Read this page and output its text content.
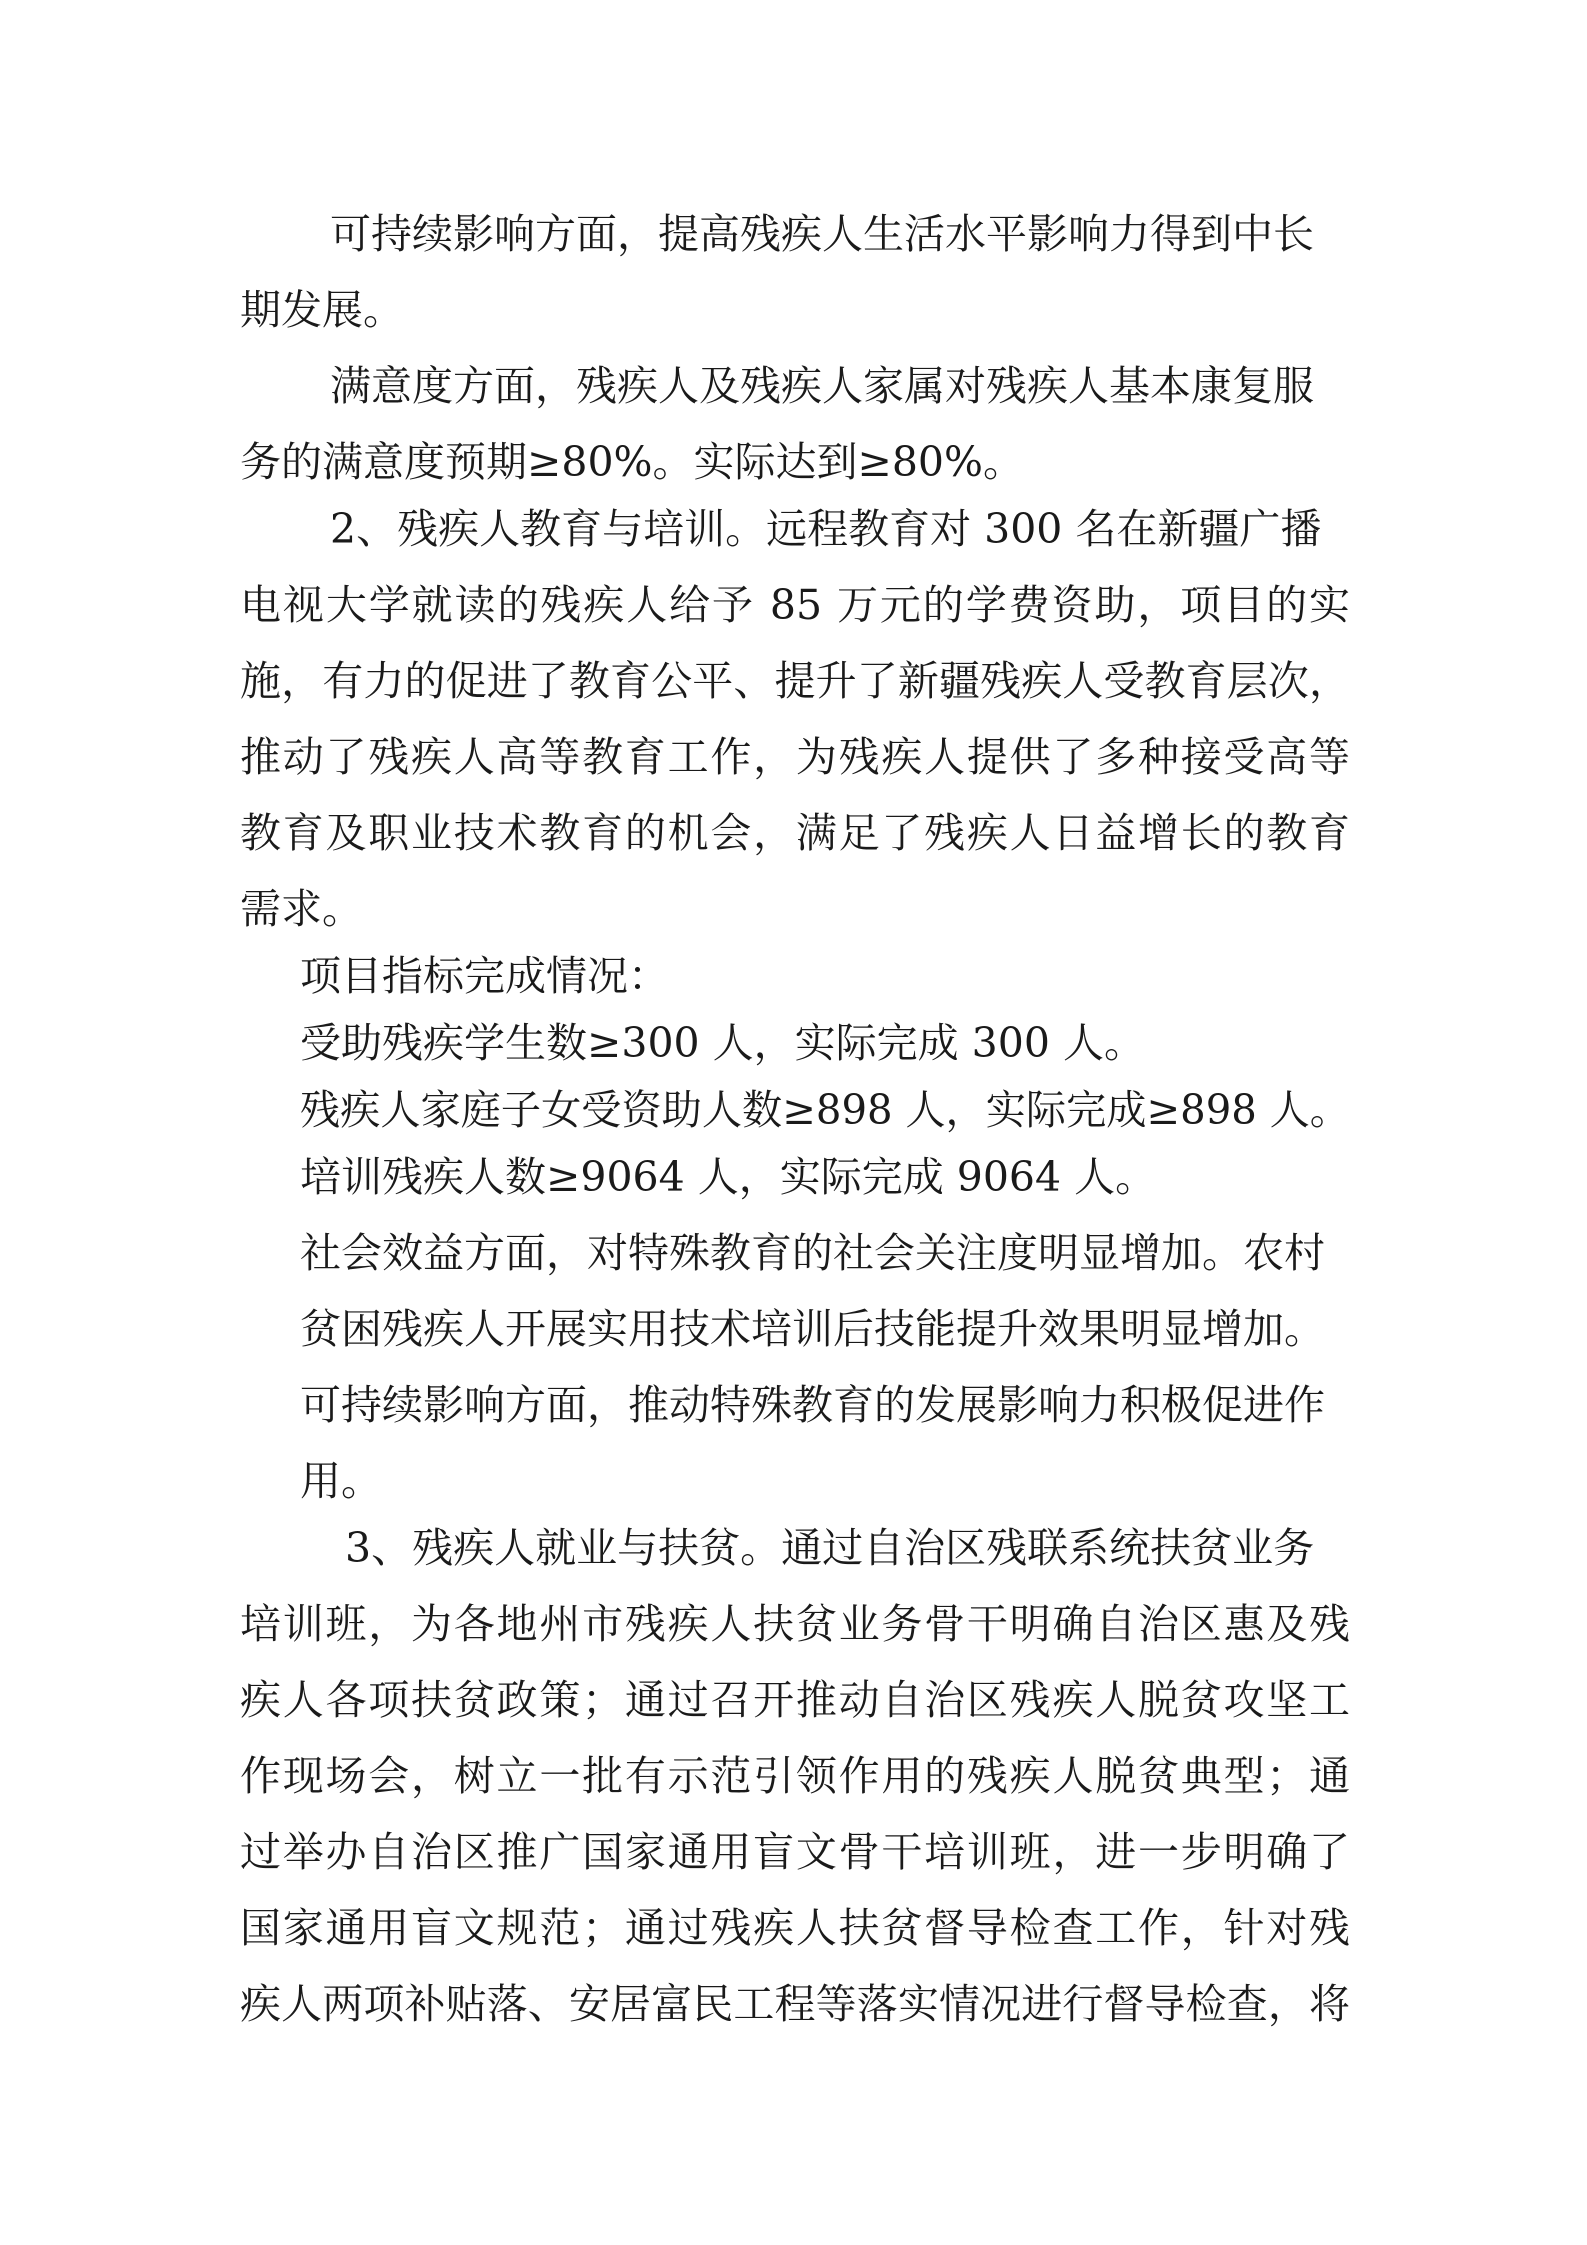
可持续影响方面，提高残疾人生活水平影响力得到中长
期发展。
满意度方面，残疾人及残疾人家属对残疾人基本康复服
务的满意度预期≥80%。实际达到≥80%。
2、残疾人教育与培训。远程教育对 300 名在新疆广播
电视大学就读的残疾人给予 85 万元的学费资助，项目的实
施，有力的促进了教育公平、提升了新疆残疾人受教育层次，
推动了残疾人高等教育工作，为残疾人提供了多种接受高等
教育及职业技术教育的机会，满足了残疾人日益增长的教育
需求。
项目指标完成情况：
受助残疾学生数≥300 人，实际完成 300 人。
残疾人家庭子女受资助人数≥898 人，实际完成≥898 人。
培训残疾人数≥9064 人，实际完成 9064 人。
社会效益方面，对特殊教育的社会关注度明显增加。农村
贫困残疾人开展实用技术培训后技能提升效果明显增加。
可持续影响方面，推动特殊教育的发展影响力积极促进作
用。
3、残疾人就业与扶贫。通过自治区残联系统扶贫业务
培训班，为各地州市残疾人扶贫业务骨干明确自治区惠及残
疾人各项扶贫政策；通过召开推动自治区残疾人脱贫攻坚工
作现场会，树立一批有示范引领作用的残疾人脱贫典型；通
过举办自治区推广国家通用盲文骨干培训班，进一步明确了
国家通用盲文规范；通过残疾人扶贫督导检查工作，针对残
疾人两项补贴落、安居富民工程等落实情况进行督导检查，将
